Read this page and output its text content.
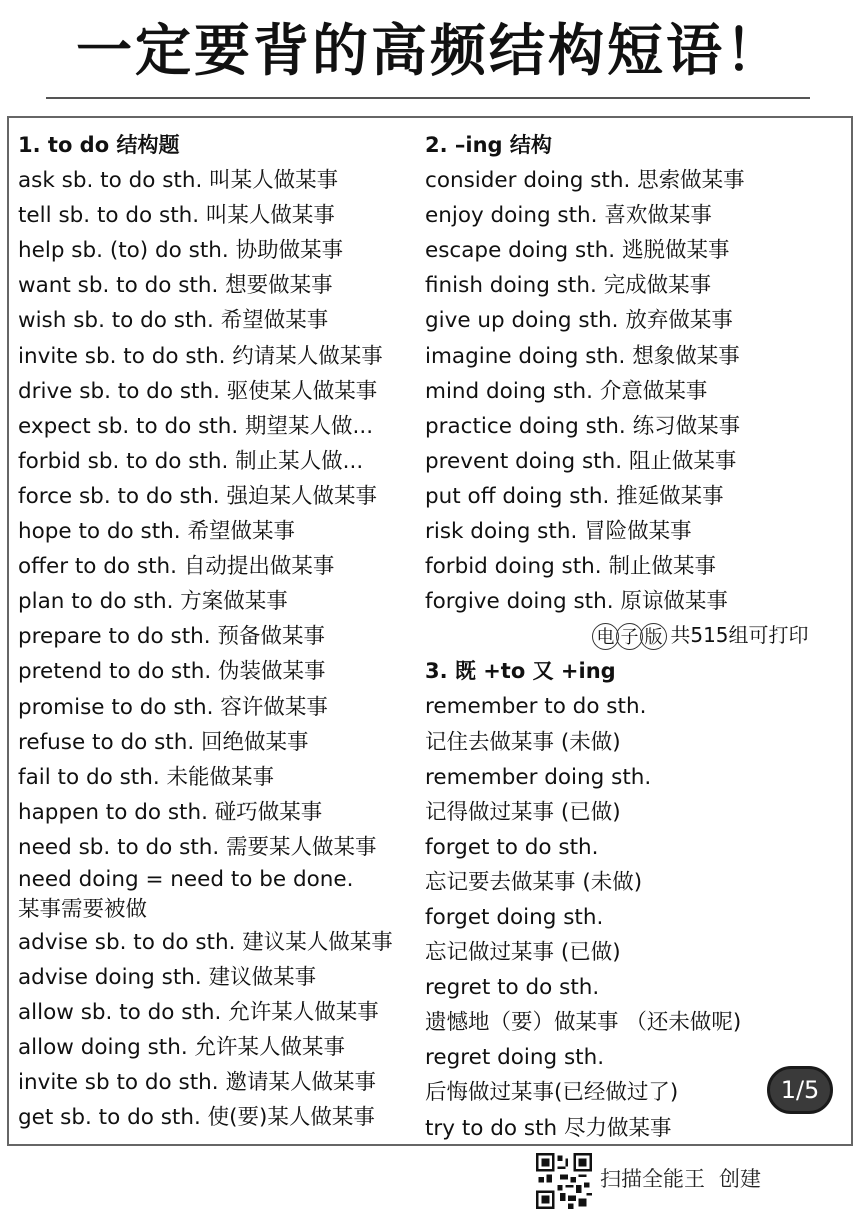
一定要背的高频结构短语！
1. to do 结构题
ask sb. to do sth. 叫某人做某事
tell sb. to do sth. 叫某人做某事
help sb. (to) do sth. 协助做某事
want sb. to do sth. 想要做某事
wish sb. to do sth. 希望做某事
invite sb. to do sth. 约请某人做某事
drive sb. to do sth. 驱使某人做某事
expect sb. to do sth. 期望某人做...
forbid sb. to do sth. 制止某人做...
force sb. to do sth. 强迫某人做某事
hope to do sth. 希望做某事
offer to do sth. 自动提出做某事
plan to do sth. 方案做某事
prepare to do sth. 预备做某事
pretend to do sth. 伪装做某事
promise to do sth. 容许做某事
refuse to do sth. 回绝做某事
fail to do sth. 未能做某事
happen to do sth. 碰巧做某事
need sb. to do sth. 需要某人做某事
need doing = need to be done.
某事需要被做
advise sb. to do sth. 建议某人做某事
advise doing sth. 建议做某事
allow sb. to do sth. 允许某人做某事
allow doing sth. 允许某人做某事
invite sb to do sth. 邀请某人做某事
get sb. to do sth. 使(要)某人做某事
2. –ing 结构
consider doing sth. 思索做某事
enjoy doing sth. 喜欢做某事
escape doing sth. 逃脱做某事
finish doing sth. 完成做某事
give up doing sth. 放弃做某事
imagine doing sth. 想象做某事
mind doing sth. 介意做某事
practice doing sth. 练习做某事
prevent doing sth. 阻止做某事
put off doing sth. 推延做某事
risk doing sth. 冒险做某事
forbid doing sth. 制止做某事
forgive doing sth. 原谅做某事
3. 既 +to 又 +ing
remember to do sth.
记住去做某事 (未做)
remember doing sth.
记得做过某事 (已做)
forget to do sth.
忘记要去做某事 (未做)
forget doing sth.
忘记做过某事 (已做)
regret to do sth.
遗憾地（要）做某事 （还未做呢)
regret doing sth.
后悔做过某事(已经做过了)
try to do sth 尽力做某事
电 子 版 共515组可打印
1/5
扫描全能王 创建
